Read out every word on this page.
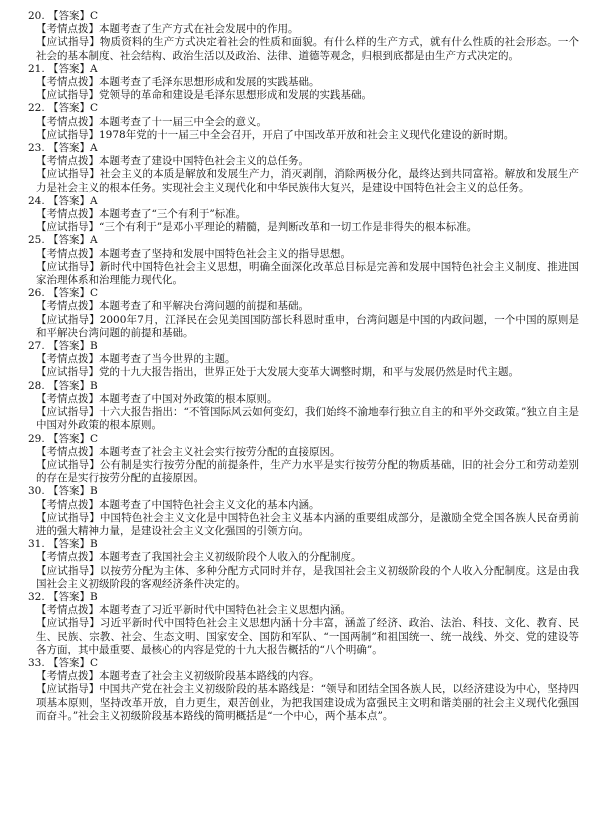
20. 【答案】C
【考情点拨】本题考查了生产方式在社会发展中的作用。
【应试指导】物质资料的生产方式决定着社会的性质和面貌。有什么样的生产方式，就有什么性质的社会形态。一个社会的基本制度、社会结构、政治生活以及政治、法律、道德等观念，归根到底都是由生产方式决定的。
21. 【答案】A
【考情点拨】本题考查了毛泽东思想形成和发展的实践基础。
【应试指导】党领导的革命和建设是毛泽东思想形成和发展的实践基础。
22. 【答案】C
【考情点拨】本题考查了十一届三中全会的意义。
【应试指导】1978年党的十一届三中全会召开，开启了中国改革开放和社会主义现代化建设的新时期。
23. 【答案】A
【考情点拨】本题考查了建设中国特色社会主义的总任务。
【应试指导】社会主义的本质是解放和发展生产力，消灭剥削，消除两极分化，最终达到共同富裕。解放和发展生产力是社会主义的根本任务。实现社会主义现代化和中华民族伟大复兴，是建设中国特色社会主义的总任务。
24. 【答案】A
【考情点拨】本题考查了“三个有利于”标准。
【应试指导】“三个有利于”是邓小平理论的精髓，是判断改革和一切工作是非得失的根本标准。
25. 【答案】A
【考情点拨】本题考查了坚持和发展中国特色社会主义的指导思想。
【应试指导】新时代中国特色社会主义思想，明确全面深化改革总目标是完善和发展中国特色社会主义制度、推进国家治理体系和治理能力现代化。
26. 【答案】C
【考情点拨】本题考查了和平解决台湾问题的前提和基础。
【应试指导】2000年7月，江泽民在会见美国国防部长科恩时重申，台湾问题是中国的内政问题，一个中国的原则是和平解决台湾问题的前提和基础。
27. 【答案】B
【考情点拨】本题考查了当今世界的主题。
【应试指导】党的十九大报告指出，世界正处于大发展大变革大调整时期，和平与发展仍然是时代主题。
28. 【答案】B
【考情点拨】本题考查了中国对外政策的根本原则。
【应试指导】十六大报告指出：“不管国际风云如何变幻，我们始终不渝地奉行独立自主的和平外交政策。”独立自主是中国对外政策的根本原则。
29. 【答案】C
【考情点拨】本题考查了社会主义社会实行按劳分配的直接原因。
【应试指导】公有制是实行按劳分配的前提条件，生产力水平是实行按劳分配的物质基础，旧的社会分工和劳动差别的存在是实行按劳分配的直接原因。
30. 【答案】B
【考情点拨】本题考查了中国特色社会主义文化的基本内涵。
【应试指导】中国特色社会主义文化是中国特色社会主义基本内涵的重要组成部分，是激励全党全国各族人民奋勇前进的强大精神力量，是建设社会主义文化强国的引领方向。
31. 【答案】B
【考情点拨】本题考查了我国社会主义初级阶段个人收入的分配制度。
【应试指导】以按劳分配为主体、多种分配方式同时并存，是我国社会主义初级阶段的个人收入分配制度。这是由我国社会主义初级阶段的客观经济条件决定的。
32. 【答案】B
【考情点拨】本题考查了习近平新时代中国特色社会主义思想内涵。
【应试指导】习近平新时代中国特色社会主义思想内涵十分丰富，涵盖了经济、政治、法治、科技、文化、教育、民生、民族、宗教、社会、生态文明、国家安全、国防和军队、“一国两制”和祖国统一、统一战线、外交、党的建设等各方面，其中最重要、最核心的内容是党的十九大报告概括的“八个明确”。
33. 【答案】C
【考情点拨】本题考查了社会主义初级阶段基本路线的内容。
【应试指导】中国共产党在社会主义初级阶段的基本路线是：“领导和团结全国各族人民，以经济建设为中心，坚持四项基本原则，坚持改革开放，自力更生，艰苦创业，为把我国建设成为富强民主文明和谐美丽的社会主义现代化强国而奋斗。”社会主义初级阶段基本路线的简明概括是“一个中心，两个基本点”。
